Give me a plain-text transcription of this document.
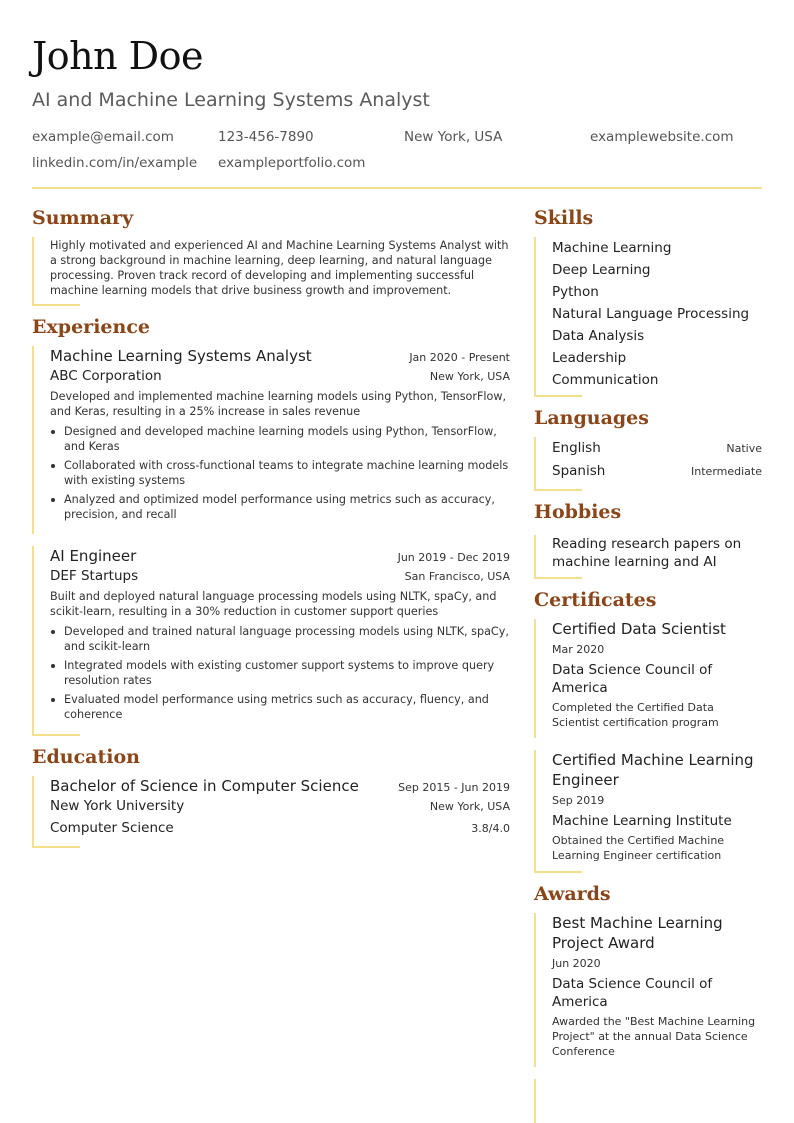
John Doe
AI and Machine Learning Systems Analyst
example@email.com	123-456-7890	New York, USA	examplewebsite.com
linkedin.com/in/example	exampleportfolio.com
Summary
Highly motivated and experienced AI and Machine Learning Systems Analyst with a strong background in machine learning, deep learning, and natural language processing. Proven track record of developing and implementing successful machine learning models that drive business growth and improvement.
Experience
Machine Learning Systems Analyst	Jan 2020 - Present
ABC Corporation	New York, USA
Developed and implemented machine learning models using Python, TensorFlow, and Keras, resulting in a 25% increase in sales revenue
Designed and developed machine learning models using Python, TensorFlow, and Keras
Collaborated with cross-functional teams to integrate machine learning models with existing systems
Analyzed and optimized model performance using metrics such as accuracy, precision, and recall
AI Engineer	Jun 2019 - Dec 2019
DEF Startups	San Francisco, USA
Built and deployed natural language processing models using NLTK, spaCy, and scikit-learn, resulting in a 30% reduction in customer support queries
Developed and trained natural language processing models using NLTK, spaCy, and scikit-learn
Integrated models with existing customer support systems to improve query resolution rates
Evaluated model performance using metrics such as accuracy, fluency, and coherence
Education
Bachelor of Science in Computer Science	Sep 2015 - Jun 2019
New York University	New York, USA
Computer Science	3.8/4.0
Skills
Machine Learning
Deep Learning
Python
Natural Language Processing
Data Analysis
Leadership
Communication
Languages
English	Native
Spanish	Intermediate
Hobbies
Reading research papers on machine learning and AI
Certificates
Certified Data Scientist
Mar 2020
Data Science Council of America
Completed the Certified Data Scientist certification program
Certified Machine Learning Engineer
Sep 2019
Machine Learning Institute
Obtained the Certified Machine Learning Engineer certification
Awards
Best Machine Learning Project Award
Jun 2020
Data Science Council of America
Awarded the "Best Machine Learning Project" at the annual Data Science Conference
